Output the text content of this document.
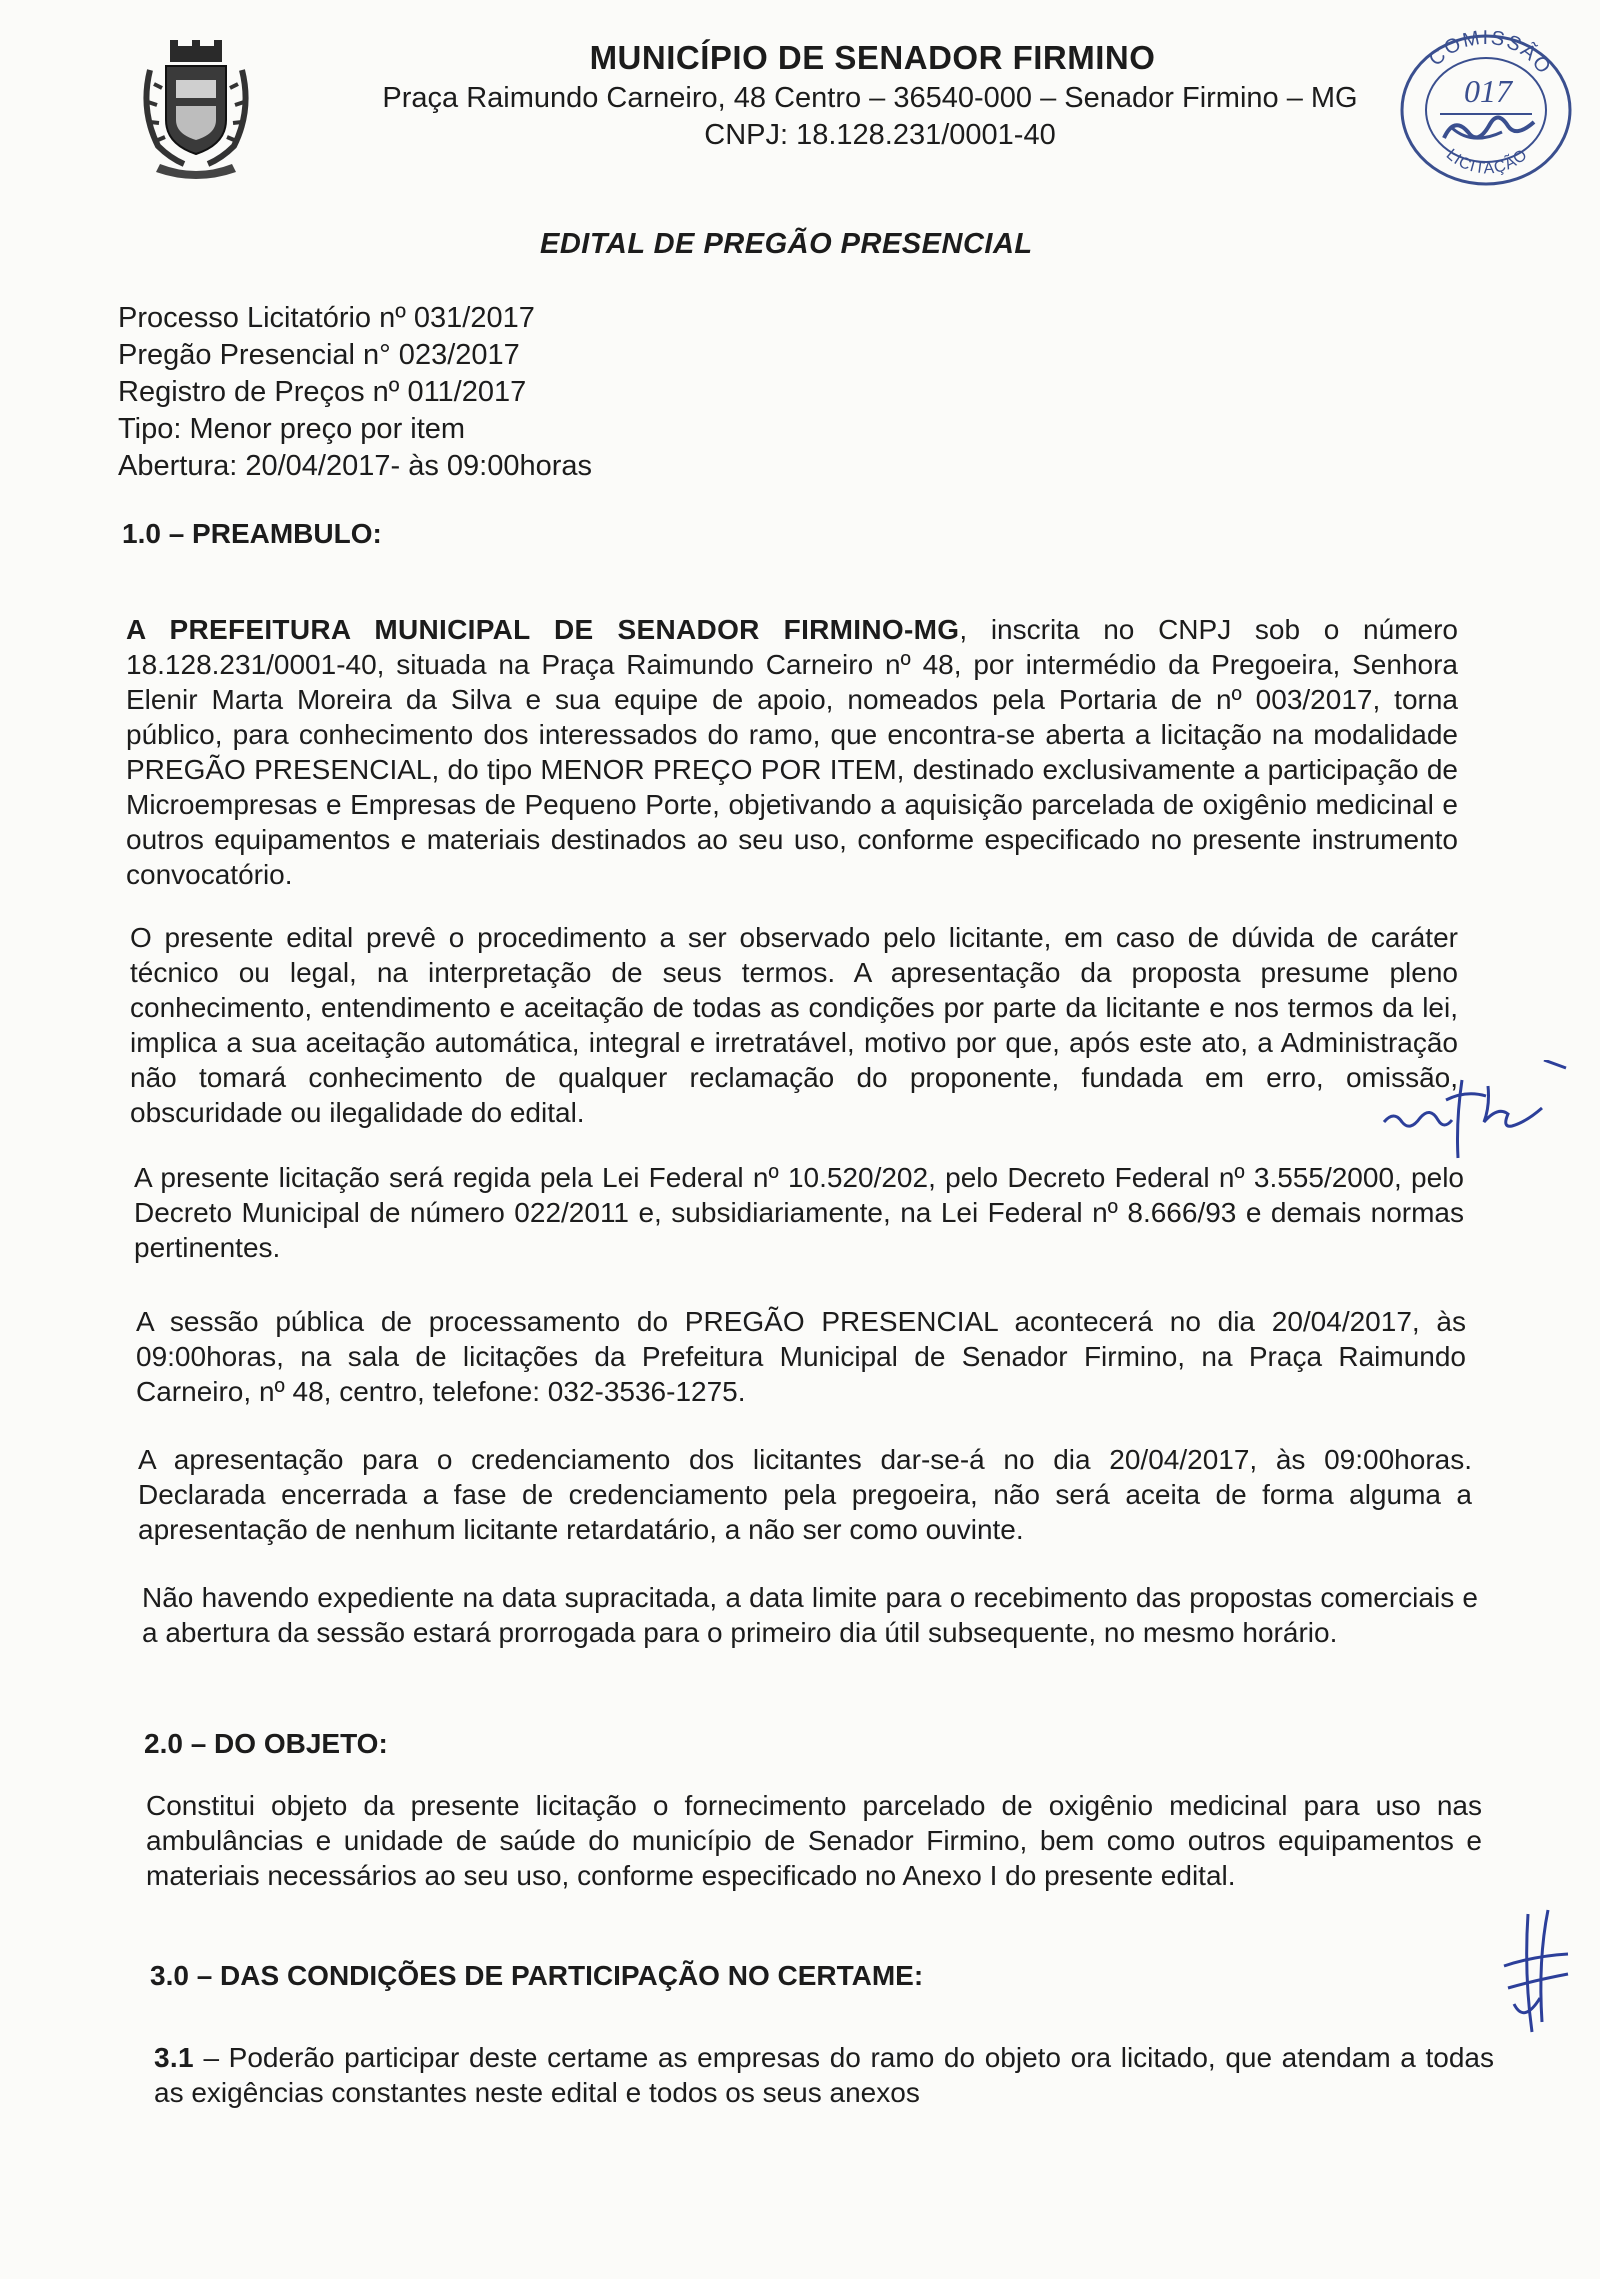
MUNICÍPIO DE SENADOR FIRMINO
Praça Raimundo Carneiro, 48 Centro – 36540-000 – Senador Firmino – MG
CNPJ: 18.128.231/0001-40
COMISSÃO
LICITAÇÃO
017
EDITAL DE PREGÃO PRESENCIAL
Processo Licitatório nº 031/2017
Pregão Presencial n° 023/2017
Registro de Preços nº 011/2017
Tipo: Menor preço por item
Abertura: 20/04/2017- às 09:00horas
1.0 – PREAMBULO:
A PREFEITURA MUNICIPAL DE SENADOR FIRMINO-MG, inscrita no CNPJ sob o número 18.128.231/0001-40, situada na Praça Raimundo Carneiro nº 48, por intermédio da Pregoeira, Senhora Elenir Marta Moreira da Silva e sua equipe de apoio, nomeados pela Portaria de nº 003/2017, torna público, para conhecimento dos interessados do ramo, que encontra-se aberta a licitação na modalidade PREGÃO PRESENCIAL, do tipo MENOR PREÇO POR ITEM, destinado exclusivamente a participação de Microempresas e Empresas de Pequeno Porte, objetivando a aquisição parcelada de oxigênio medicinal e outros equipamentos e materiais destinados ao seu uso, conforme especificado no presente instrumento convocatório.
O presente edital prevê o procedimento a ser observado pelo licitante, em caso de dúvida de caráter técnico ou legal, na interpretação de seus termos. A apresentação da proposta presume pleno conhecimento, entendimento e aceitação de todas as condições por parte da licitante e nos termos da lei, implica a sua aceitação automática, integral e irretratável, motivo por que, após este ato, a Administração não tomará conhecimento de qualquer reclamação do proponente, fundada em erro, omissão, obscuridade ou ilegalidade do edital.
A presente licitação será regida pela Lei Federal nº 10.520/202, pelo Decreto Federal nº 3.555/2000, pelo Decreto Municipal de número 022/2011 e, subsidiariamente, na Lei Federal nº 8.666/93 e demais normas pertinentes.
A sessão pública de processamento do PREGÃO PRESENCIAL acontecerá no dia 20/04/2017, às 09:00horas, na sala de licitações da Prefeitura Municipal de Senador Firmino, na Praça Raimundo Carneiro, nº 48, centro, telefone: 032-3536-1275.
A apresentação para o credenciamento dos licitantes dar-se-á no dia 20/04/2017, às 09:00horas. Declarada encerrada a fase de credenciamento pela pregoeira, não será aceita de forma alguma a apresentação de nenhum licitante retardatário, a não ser como ouvinte.
Não havendo expediente na data supracitada, a data limite para o recebimento das propostas comerciais e a abertura da sessão estará prorrogada para o primeiro dia útil subsequente, no mesmo horário.
2.0 – DO OBJETO:
Constitui objeto da presente licitação o fornecimento parcelado de oxigênio medicinal para uso nas ambulâncias e unidade de saúde do município de Senador Firmino, bem como outros equipamentos e materiais necessários ao seu uso, conforme especificado no Anexo I do presente edital.
3.0 – DAS CONDIÇÕES DE PARTICIPAÇÃO NO CERTAME:
3.1 – Poderão participar deste certame as empresas do ramo do objeto ora licitado, que atendam a todas as exigências constantes neste edital e todos os seus anexos
